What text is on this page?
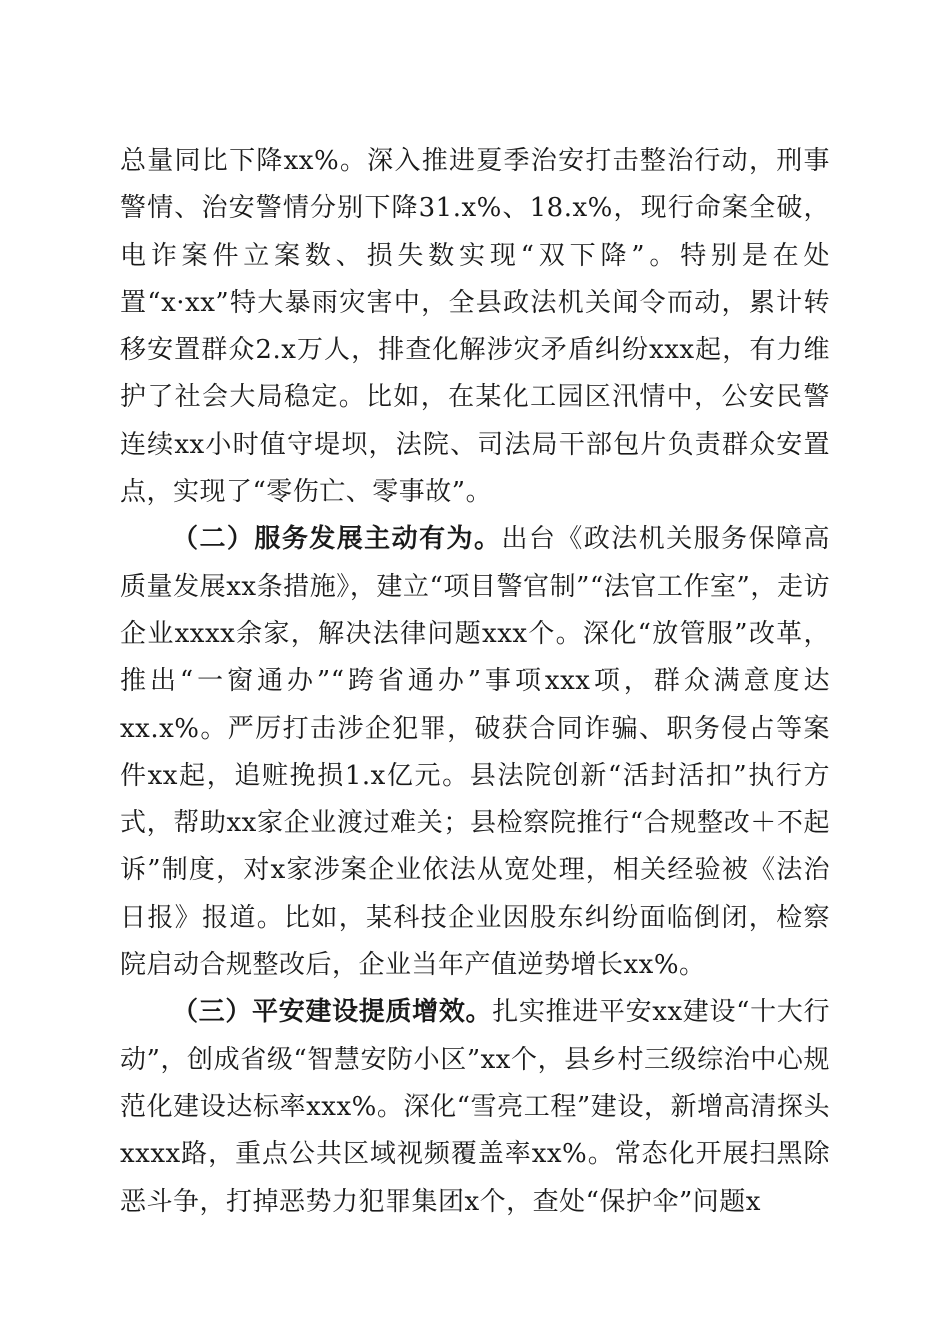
总量同比下降xx%。深入推进夏季治安打击整治行动，刑事警情、治安警情分别下降31.x%、18.x%，现行命案全破，电诈案件立案数、损失数实现“双下降”。特别是在处置“x·xx”特大暴雨灾害中，全县政法机关闻令而动，累计转移安置群众2.x万人，排查化解涉灾矛盾纠纷xxx起，有力维护了社会大局稳定。比如，在某化工园区汛情中，公安民警连续xx小时值守堤坝，法院、司法局干部包片负责群众安置点，实现了“零伤亡、零事故”。

（二）服务发展主动有为。出台《政法机关服务保障高质量发展xx条措施》，建立“项目警官制”“法官工作室”，走访企业xxxx余家，解决法律问题xxx个。深化“放管服”改革，推出“一窗通办”“跨省通办”事项xxx项，群众满意度达xx.x%。严厉打击涉企犯罪，破获合同诈骗、职务侵占等案件xx起，追赃挽损1.x亿元。县法院创新“活封活扣”执行方式，帮助xx家企业渡过难关；县检察院推行“合规整改＋不起诉”制度，对x家涉案企业依法从宽处理，相关经验被《法治日报》报道。比如，某科技企业因股东纠纷面临倒闭，检察院启动合规整改后，企业当年产值逆势增长xx%。

（三）平安建设提质增效。扎实推进平安xx建设“十大行动”，创成省级“智慧安防小区”xx个，县乡村三级综治中心规范化建设达标率xxx%。深化“雪亮工程”建设，新增高清探头xxxx路，重点公共区域视频覆盖率xx%。常态化开展扫黑除恶斗争，打掉恶势力犯罪集团x个，查处“保护伞”问题x
